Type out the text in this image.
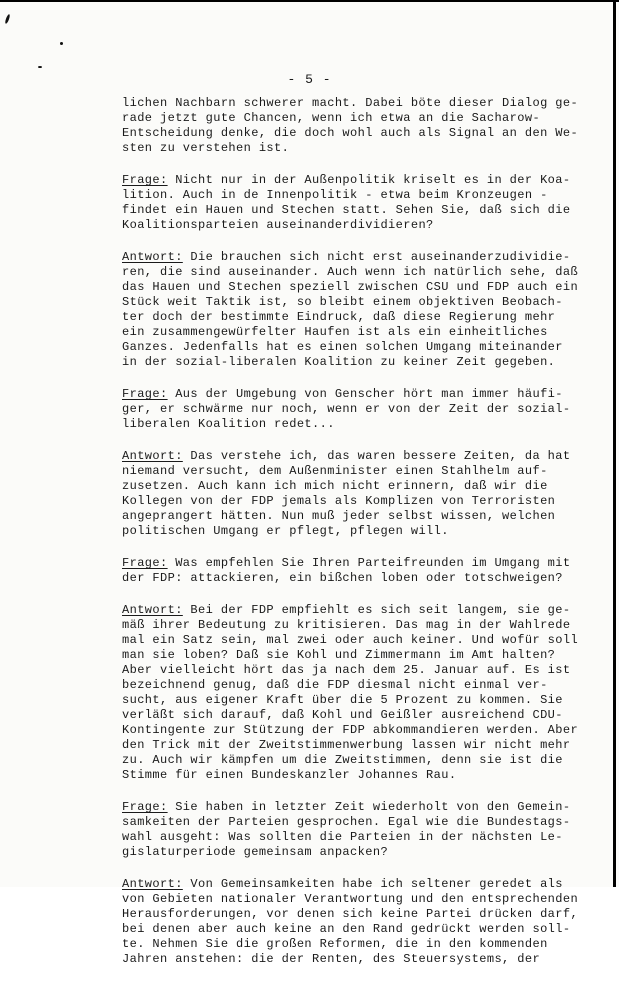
- 5 -
lichen Nachbarn schwerer macht. Dabei böte dieser Dialog ge-
rade jetzt gute Chancen, wenn ich etwa an die Sacharow-
Entscheidung denke, die doch wohl auch als Signal an den We-
sten zu verstehen ist.
Frage: Nicht nur in der Außenpolitik kriselt es in der Koa-
lition. Auch in de Innenpolitik - etwa beim Kronzeugen -
findet ein Hauen und Stechen statt. Sehen Sie, daß sich die
Koalitionsparteien auseinanderdividieren?
Antwort: Die brauchen sich nicht erst auseinanderzudividie-
ren, die sind auseinander. Auch wenn ich natürlich sehe, daß
das Hauen und Stechen speziell zwischen CSU und FDP auch ein
Stück weit Taktik ist, so bleibt einem objektiven Beobach-
ter doch der bestimmte Eindruck, daß diese Regierung mehr
ein zusammengewürfelter Haufen ist als ein einheitliches
Ganzes. Jedenfalls hat es einen solchen Umgang miteinander
in der sozial-liberalen Koalition zu keiner Zeit gegeben.
Frage: Aus der Umgebung von Genscher hört man immer häufi-
ger, er schwärme nur noch, wenn er von der Zeit der sozial-
liberalen Koalition redet...
Antwort: Das verstehe ich, das waren bessere Zeiten, da hat
niemand versucht, dem Außenminister einen Stahlhelm auf-
zusetzen. Auch kann ich mich nicht erinnern, daß wir die
Kollegen von der FDP jemals als Komplizen von Terroristen
angeprangert hätten. Nun muß jeder selbst wissen, welchen
politischen Umgang er pflegt, pflegen will.
Frage: Was empfehlen Sie Ihren Parteifreunden im Umgang mit
der FDP: attackieren, ein bißchen loben oder totschweigen?
Antwort: Bei der FDP empfiehlt es sich seit langem, sie ge-
mäß ihrer Bedeutung zu kritisieren. Das mag in der Wahlrede
mal ein Satz sein, mal zwei oder auch keiner. Und wofür soll
man sie loben? Daß sie Kohl und Zimmermann im Amt halten?
Aber vielleicht hört das ja nach dem 25. Januar auf. Es ist
bezeichnend genug, daß die FDP diesmal nicht einmal ver-
sucht, aus eigener Kraft über die 5 Prozent zu kommen. Sie
verläßt sich darauf, daß Kohl und Geißler ausreichend CDU-
Kontingente zur Stützung der FDP abkommandieren werden. Aber
den Trick mit der Zweitstimmenwerbung lassen wir nicht mehr
zu. Auch wir kämpfen um die Zweitstimmen, denn sie ist die
Stimme für einen Bundeskanzler Johannes Rau.
Frage: Sie haben in letzter Zeit wiederholt von den Gemein-
samkeiten der Parteien gesprochen. Egal wie die Bundestags-
wahl ausgeht: Was sollten die Parteien in der nächsten Le-
gislaturperiode gemeinsam anpacken?
Antwort: Von Gemeinsamkeiten habe ich seltener geredet als
von Gebieten nationaler Verantwortung und den entsprechenden
Herausforderungen, vor denen sich keine Partei drücken darf,
bei denen aber auch keine an den Rand gedrückt werden soll-
te. Nehmen Sie die großen Reformen, die in den kommenden
Jahren anstehen: die der Renten, des Steuersystems, der
